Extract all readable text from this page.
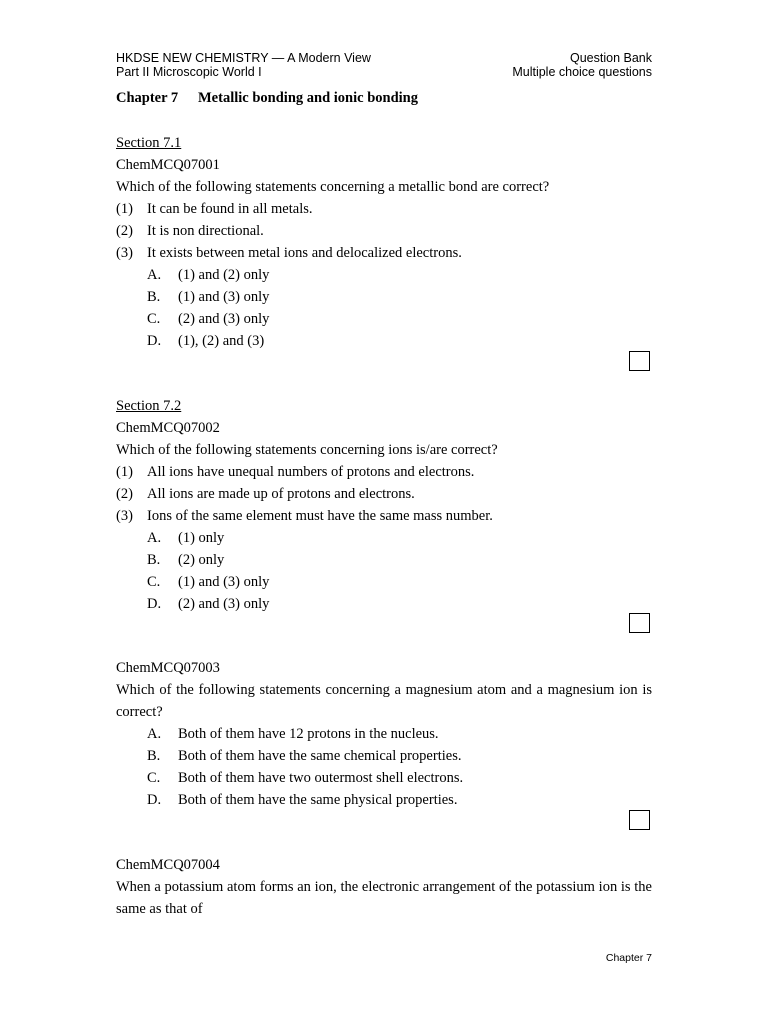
HKDSE NEW CHEMISTRY — A Modern View
Part II Microscopic World I
Question Bank
Multiple choice questions
Chapter 7 Metallic bonding and ionic bonding
Section 7.1
ChemMCQ07001
Which of the following statements concerning a metallic bond are correct?
(1) It can be found in all metals.
(2) It is non directional.
(3) It exists between metal ions and delocalized electrons.
A.	(1) and (2) only
B.	(1) and (3) only
C.	(2) and (3) only
D.	(1), (2) and (3)
Section 7.2
ChemMCQ07002
Which of the following statements concerning ions is/are correct?
(1) All ions have unequal numbers of protons and electrons.
(2) All ions are made up of protons and electrons.
(3) Ions of the same element must have the same mass number.
A.	(1) only
B.	(2) only
C.	(1) and (3) only
D.	(2) and (3) only
ChemMCQ07003
Which of the following statements concerning a magnesium atom and a magnesium ion is correct?
A.	Both of them have 12 protons in the nucleus.
B.	Both of them have the same chemical properties.
C.	Both of them have two outermost shell electrons.
D.	Both of them have the same physical properties.
ChemMCQ07004
When a potassium atom forms an ion, the electronic arrangement of the potassium ion is the same as that of
Chapter 7
